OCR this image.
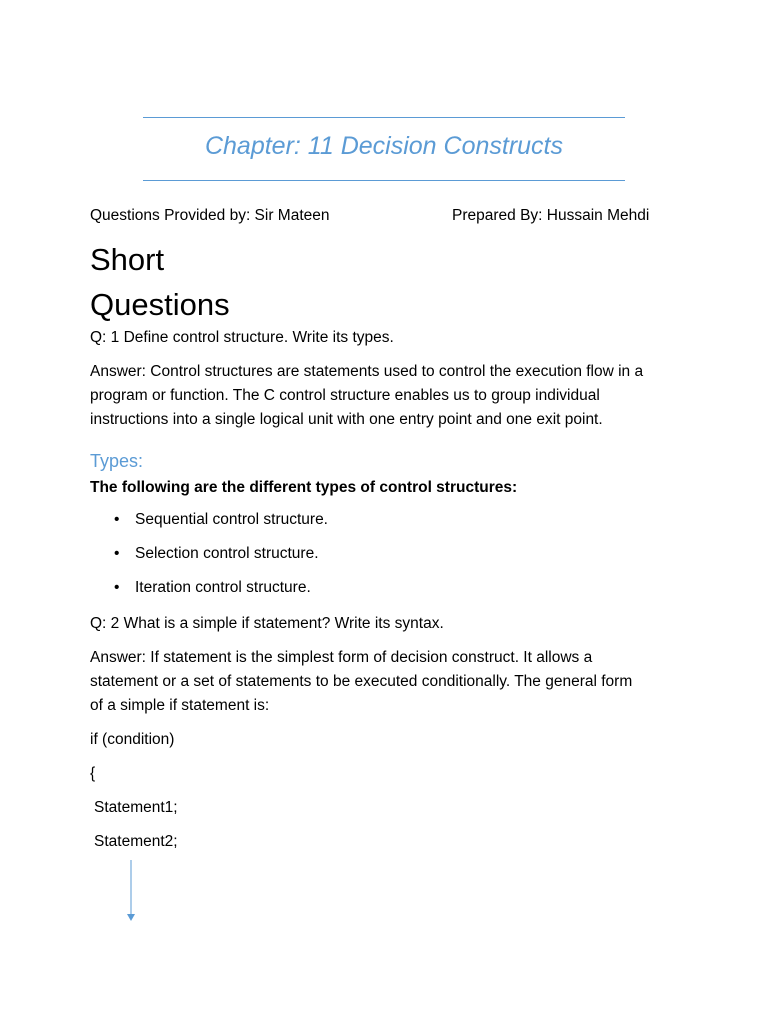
Chapter: 11 Decision Constructs
Questions Provided by: Sir Mateen	Prepared By: Hussain Mehdi
Short
Questions
Q: 1 Define control structure. Write its types.
Answer: Control structures are statements used to control the execution flow in a
program or function. The C control structure enables us to group individual
instructions into a single logical unit with one entry point and one exit point.
Types:
The following are the different types of control structures:
• Sequential control structure.
• Selection control structure.
• Iteration control structure.
Q: 2 What is a simple if statement? Write its syntax.
Answer: If statement is the simplest form of decision construct. It allows a
statement or a set of statements to be executed conditionally. The general form
of a simple if statement is:
if (condition)
{
Statement1;
Statement2;
